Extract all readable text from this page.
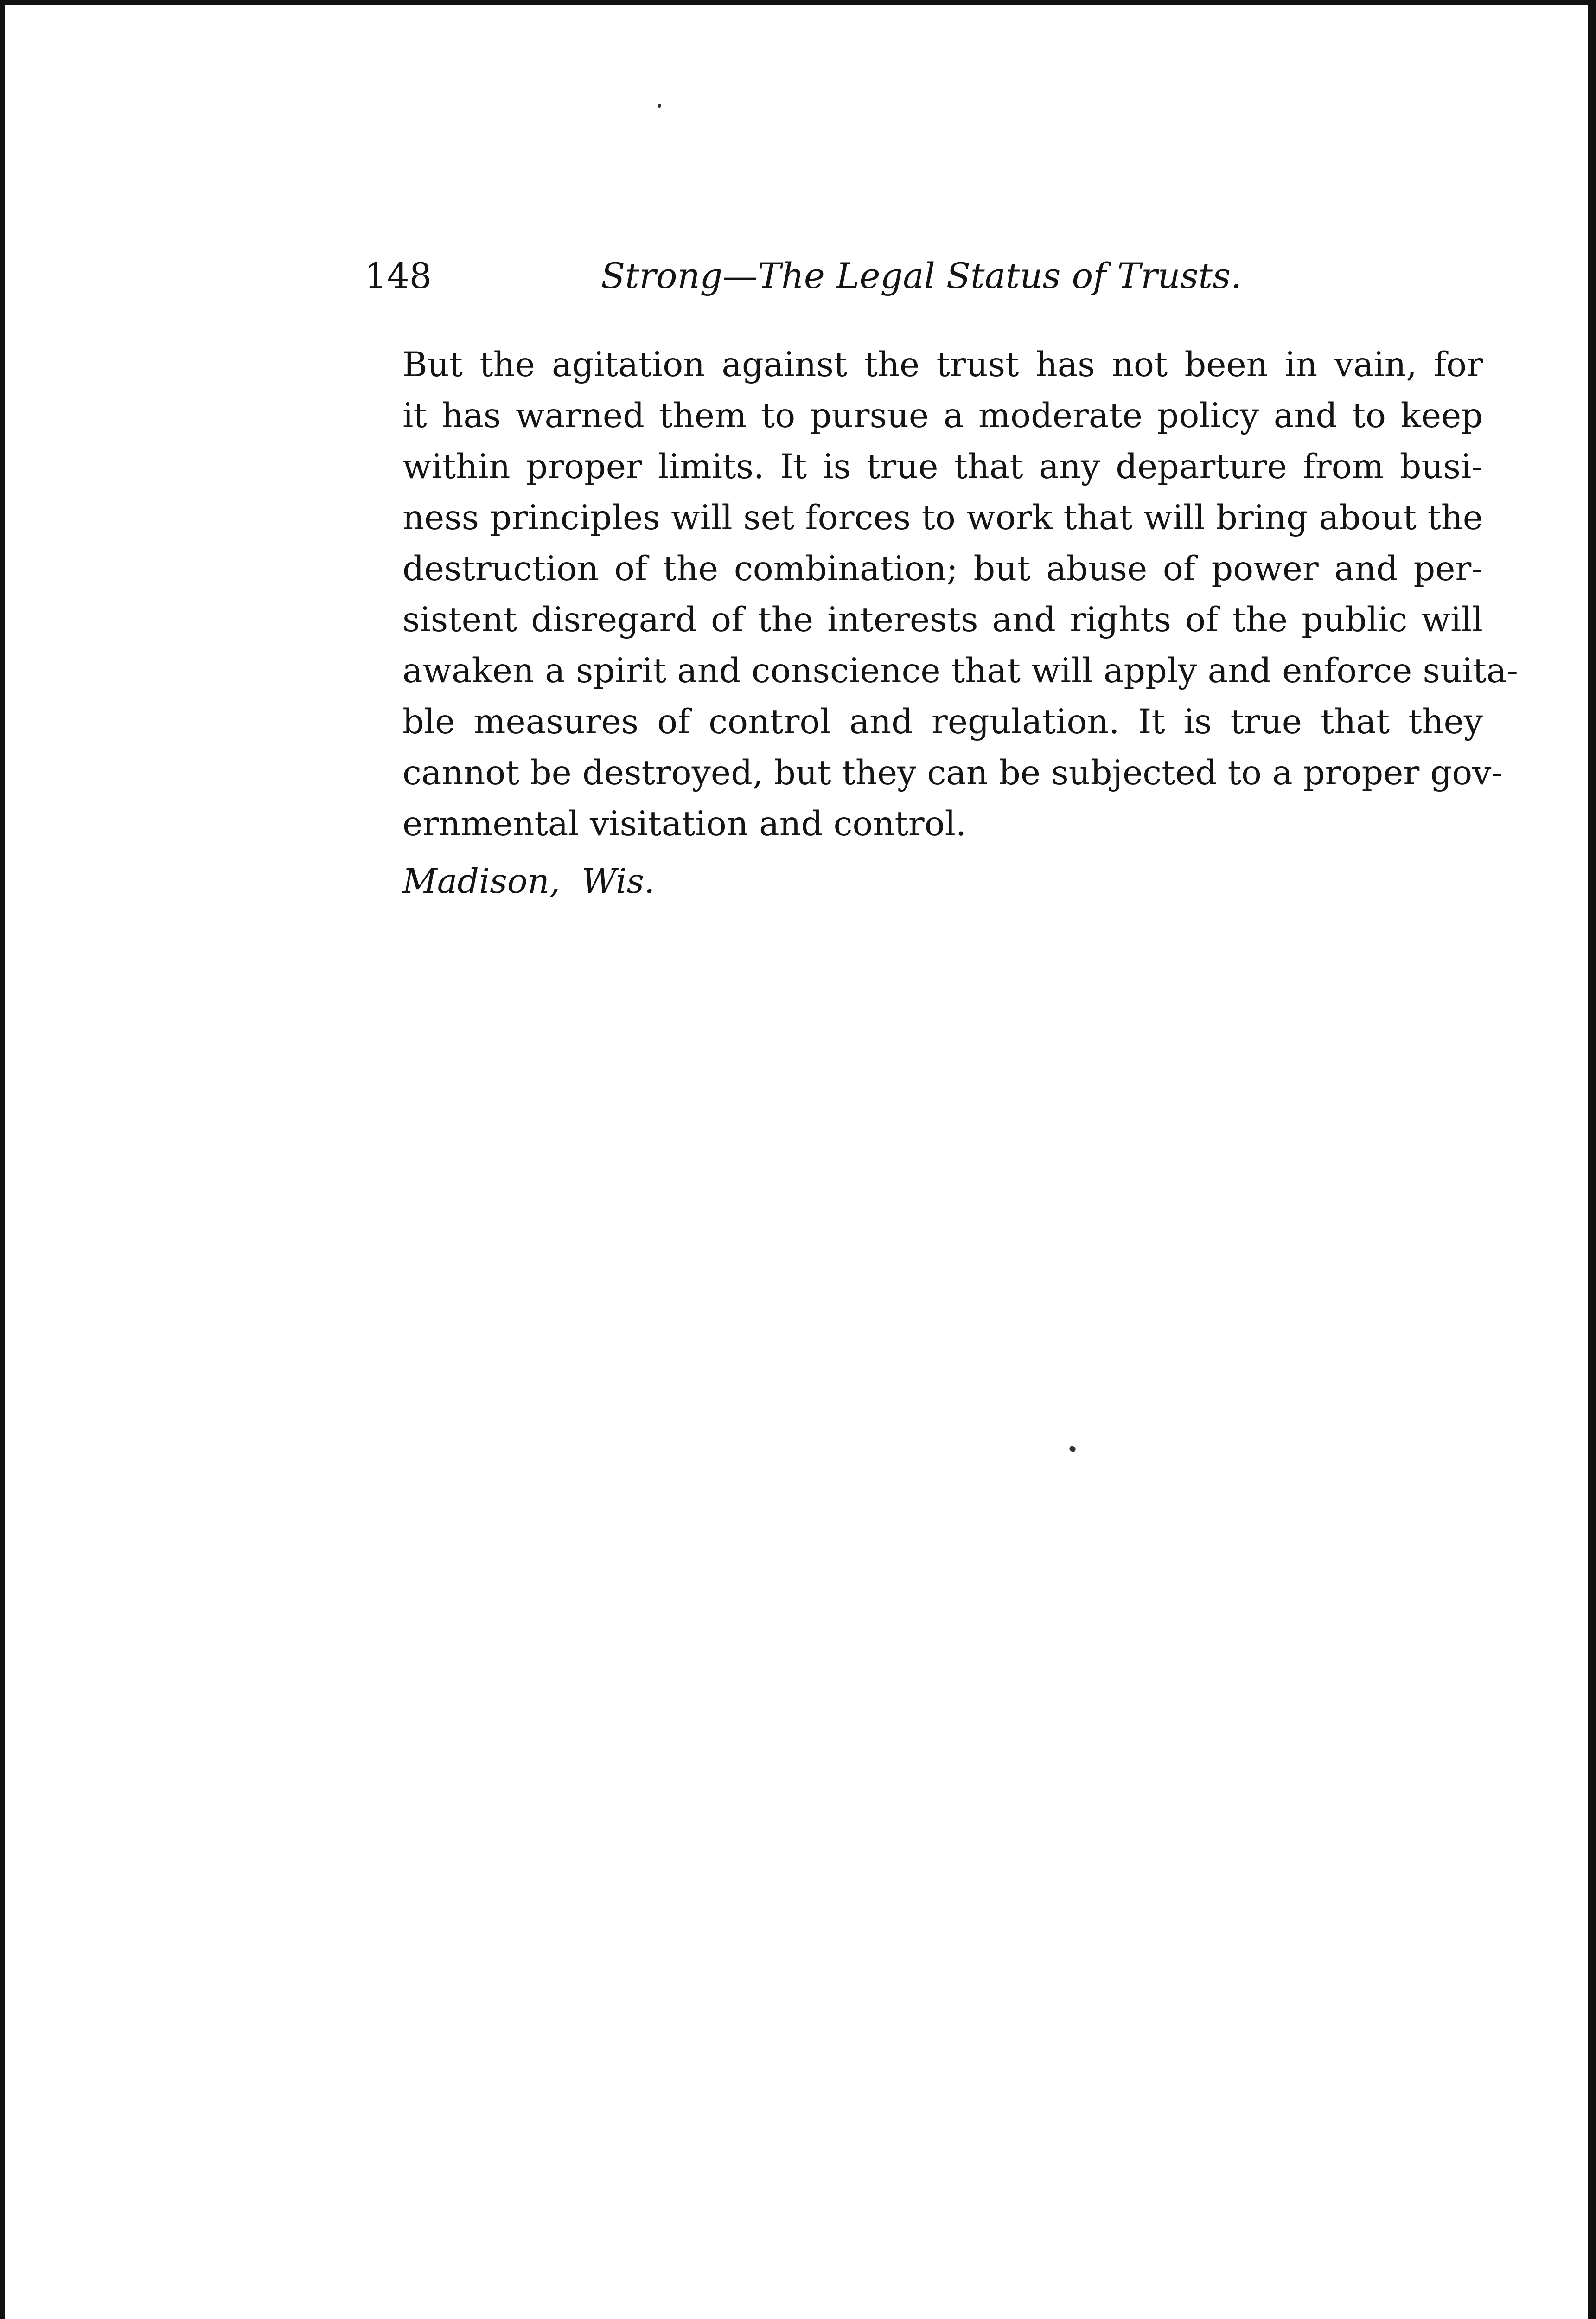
148	Strong—The Legal Status of Trusts.
But the agitation against the trust has not been in vain, for
it has warned them to pursue a moderate policy and to keep
within proper limits. It is true that any departure from busi-
ness principles will set forces to work that will bring about the
destruction of the combination; but abuse of power and per-
sistent disregard of the interests and rights of the public will
awaken a spirit and conscience that will apply and enforce suita-
ble measures of control and regulation. It is true that they
cannot be destroyed, but they can be subjected to a proper gov-
ernmental visitation and control.
Madison, Wis.
